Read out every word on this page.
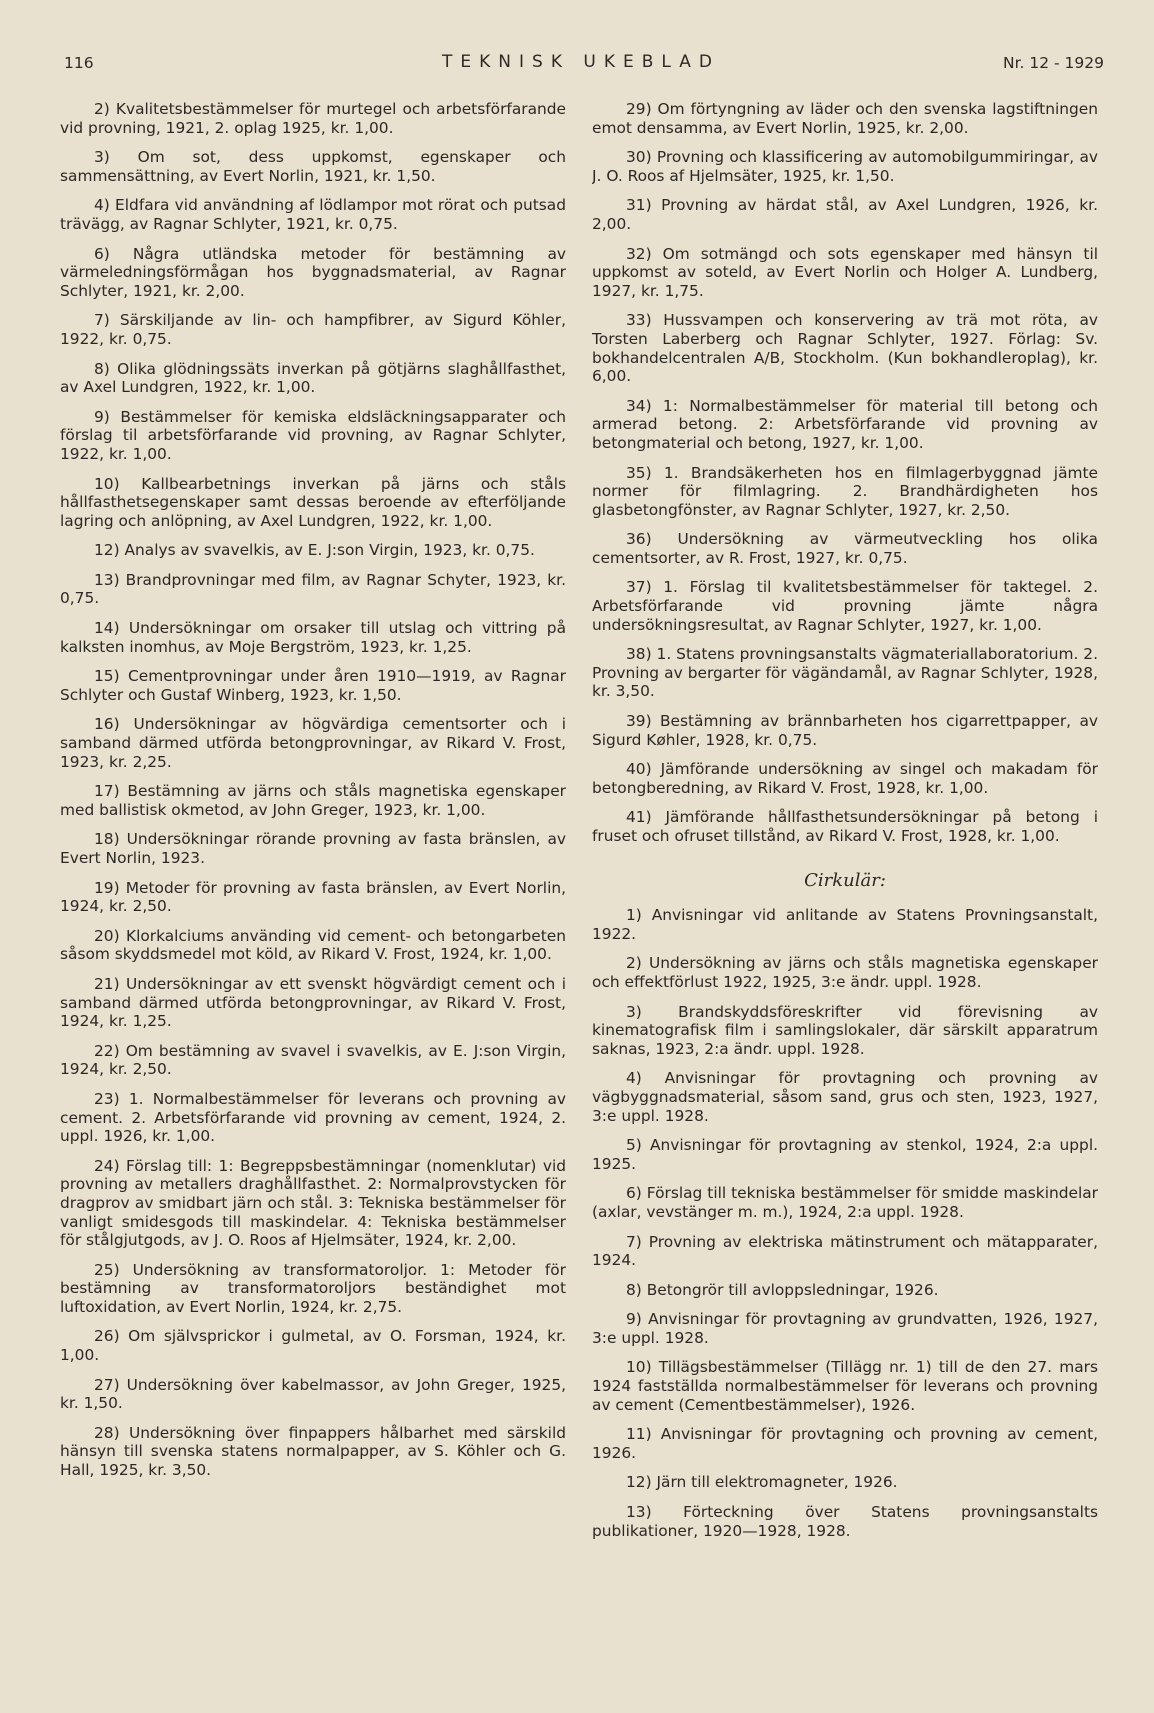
116	TEKNISK UKEBLAD	Nr. 12 - 1929

2) Kvalitetsbestämmelser för murtegel och arbetsförfarande vid provning, 1921, 2. oplag 1925, kr. 1,00.

3) Om sot, dess uppkomst, egenskaper och sammensättning, av Evert Norlin, 1921, kr. 1,50.

4) Eldfara vid användning af lödlampor mot rörat och putsad trävägg, av Ragnar Schlyter, 1921, kr. 0,75.

6) Några utländska metoder för bestämning av värmeledningsförmågan hos byggnadsmaterial, av Ragnar Schlyter, 1921, kr. 2,00.

7) Särskiljande av lin- och hampfibrer, av Sigurd Köhler, 1922, kr. 0,75.

8) Olika glödningssäts inverkan på götjärns slaghållfasthet, av Axel Lundgren, 1922, kr. 1,00.

9) Bestämmelser för kemiska eldsläckningsapparater och förslag til arbetsförfarande vid provning, av Ragnar Schlyter, 1922, kr. 1,00.

10) Kallbearbetnings inverkan på järns och ståls hållfasthetsegenskaper samt dessas beroende av efterföljande lagring och anlöpning, av Axel Lundgren, 1922, kr. 1,00.

12) Analys av svavelkis, av E. J:son Virgin, 1923, kr. 0,75.

13) Brandprovningar med film, av Ragnar Schyter, 1923, kr. 0,75.

14) Undersökningar om orsaker till utslag och vittring på kalksten inomhus, av Moje Bergström, 1923, kr. 1,25.

15) Cementprovningar under åren 1910—1919, av Ragnar Schlyter och Gustaf Winberg, 1923, kr. 1,50.

16) Undersökningar av högvärdiga cementsorter och i samband därmed utförda betongprovningar, av Rikard V. Frost, 1923, kr. 2,25.

17) Bestämning av järns och ståls magnetiska egenskaper med ballistisk okmetod, av John Greger, 1923, kr. 1,00.

18) Undersökningar rörande provning av fasta bränslen, av Evert Norlin, 1923.

19) Metoder för provning av fasta bränslen, av Evert Norlin, 1924, kr. 2,50.

20) Klorkalciums använding vid cement- och betongarbeten såsom skyddsmedel mot köld, av Rikard V. Frost, 1924, kr. 1,00.

21) Undersökningar av ett svenskt högvärdigt cement och i samband därmed utförda betongprovningar, av Rikard V. Frost, 1924, kr. 1,25.

22) Om bestämning av svavel i svavelkis, av E. J:son Virgin, 1924, kr. 2,50.

23) 1. Normalbestämmelser för leverans och provning av cement. 2. Arbetsförfarande vid provning av cement, 1924, 2. uppl. 1926, kr. 1,00.

24) Förslag till: 1: Begreppsbestämningar (nomenklutar) vid provning av metallers draghållfasthet. 2: Normalprovstycken för dragprov av smidbart järn och stål. 3: Tekniska bestämmelser för vanligt smidesgods till maskindelar. 4: Tekniska bestämmelser för stålgjutgods, av J. O. Roos af Hjelmsäter, 1924, kr. 2,00.

25) Undersökning av transformatoroljor. 1: Metoder för bestämning av transformatoroljors beständighet mot luftoxidation, av Evert Norlin, 1924, kr. 2,75.

26) Om självsprickor i gulmetal, av O. Forsman, 1924, kr. 1,00.

27) Undersökning över kabelmassor, av John Greger, 1925, kr. 1,50.

28) Undersökning över finpappers hålbarhet med särskild hänsyn till svenska statens normalpapper, av S. Köhler och G. Hall, 1925, kr. 3,50.

29) Om förtyngning av läder och den svenska lagstiftningen emot densamma, av Evert Norlin, 1925, kr. 2,00.

30) Provning och klassificering av automobilgummiringar, av J. O. Roos af Hjelmsäter, 1925, kr. 1,50.

31) Provning av härdat stål, av Axel Lundgren, 1926, kr. 2,00.

32) Om sotmängd och sots egenskaper med hänsyn til uppkomst av soteld, av Evert Norlin och Holger A. Lundberg, 1927, kr. 1,75.

33) Hussvampen och konservering av trä mot röta, av Torsten Laberberg och Ragnar Schlyter, 1927. Förlag: Sv. bokhandelcentralen A/B, Stockholm. (Kun bokhandleroplag), kr. 6,00.

34) 1: Normalbestämmelser för material till betong och armerad betong. 2: Arbetsförfarande vid provning av betongmaterial och betong, 1927, kr. 1,00.

35) 1. Brandsäkerheten hos en filmlagerbyggnad jämte normer för filmlagring. 2. Brandhärdigheten hos glasbetongfönster, av Ragnar Schlyter, 1927, kr. 2,50.

36) Undersökning av värmeutveckling hos olika cementsorter, av R. Frost, 1927, kr. 0,75.

37) 1. Förslag til kvalitetsbestämmelser för taktegel. 2. Arbetsförfarande vid provning jämte några undersökningsresultat, av Ragnar Schlyter, 1927, kr. 1,00.

38) 1. Statens provningsanstalts vägmateriallaboratorium. 2. Provning av bergarter för vägändamål, av Ragnar Schlyter, 1928, kr. 3,50.

39) Bestämning av brännbarheten hos cigarrettpapper, av Sigurd Køhler, 1928, kr. 0,75.

40) Jämförande undersökning av singel och makadam för betongberedning, av Rikard V. Frost, 1928, kr. 1,00.

41) Jämförande hållfasthetsundersökningar på betong i fruset och ofruset tillstånd, av Rikard V. Frost, 1928, kr. 1,00.

Cirkulär:

1) Anvisningar vid anlitande av Statens Provningsanstalt, 1922.

2) Undersökning av järns och ståls magnetiska egenskaper och effektförlust 1922, 1925, 3:e ändr. uppl. 1928.

3) Brandskyddsföreskrifter vid förevisning av kinematografisk film i samlingslokaler, där särskilt apparatrum saknas, 1923, 2:a ändr. uppl. 1928.

4) Anvisningar för provtagning och provning av vägbyggnadsmaterial, såsom sand, grus och sten, 1923, 1927, 3:e uppl. 1928.

5) Anvisningar för provtagning av stenkol, 1924, 2:a uppl. 1925.

6) Förslag till tekniska bestämmelser för smidde maskindelar (axlar, vevstänger m. m.), 1924, 2:a uppl. 1928.

7) Provning av elektriska mätinstrument och mätapparater, 1924.

8) Betongrör till avloppsledningar, 1926.

9) Anvisningar för provtagning av grundvatten, 1926, 1927, 3:e uppl. 1928.

10) Tillägsbestämmelser (Tillägg nr. 1) till de den 27. mars 1924 fastställda normalbestämmelser för leverans och provning av cement (Cementbestämmelser), 1926.

11) Anvisningar för provtagning och provning av cement, 1926.

12) Järn till elektromagneter, 1926.

13) Förteckning över Statens provningsanstalts publikationer, 1920—1928, 1928.
